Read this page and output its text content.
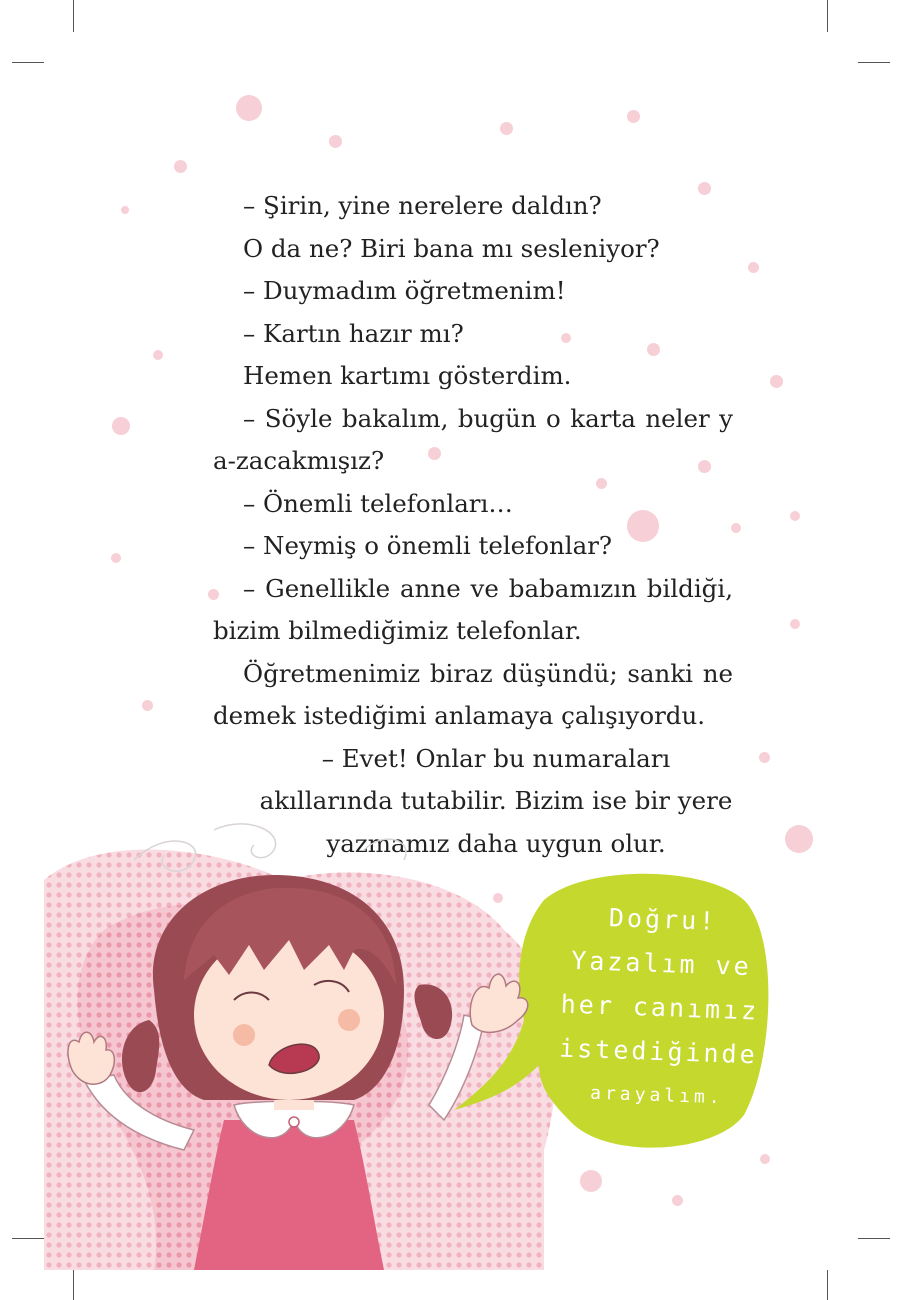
– Şirin, yine nerelere daldın?

O da ne? Biri bana mı sesleniyor?

– Duymadım öğretmenim!

– Kartın hazır mı?

Hemen kartımı gösterdim.

– Söyle bakalım, bugün o karta neler ya-zacakmışız?

– Önemli telefonları…

– Neymiş o önemli telefonlar?

– Genellikle anne ve babamızın bildiği, bizim bilmediğimiz telefonlar.

Öğretmenimiz biraz düşündü; sanki ne demek istediğimi anlamaya çalışıyordu.

– Evet! Onlar bu numaraları akıllarında tutabilir. Bizim ise bir yere yazmamız daha uygun olur.

Doğru!
Yazalım ve
her canımız
istediğinde
arayalım.
